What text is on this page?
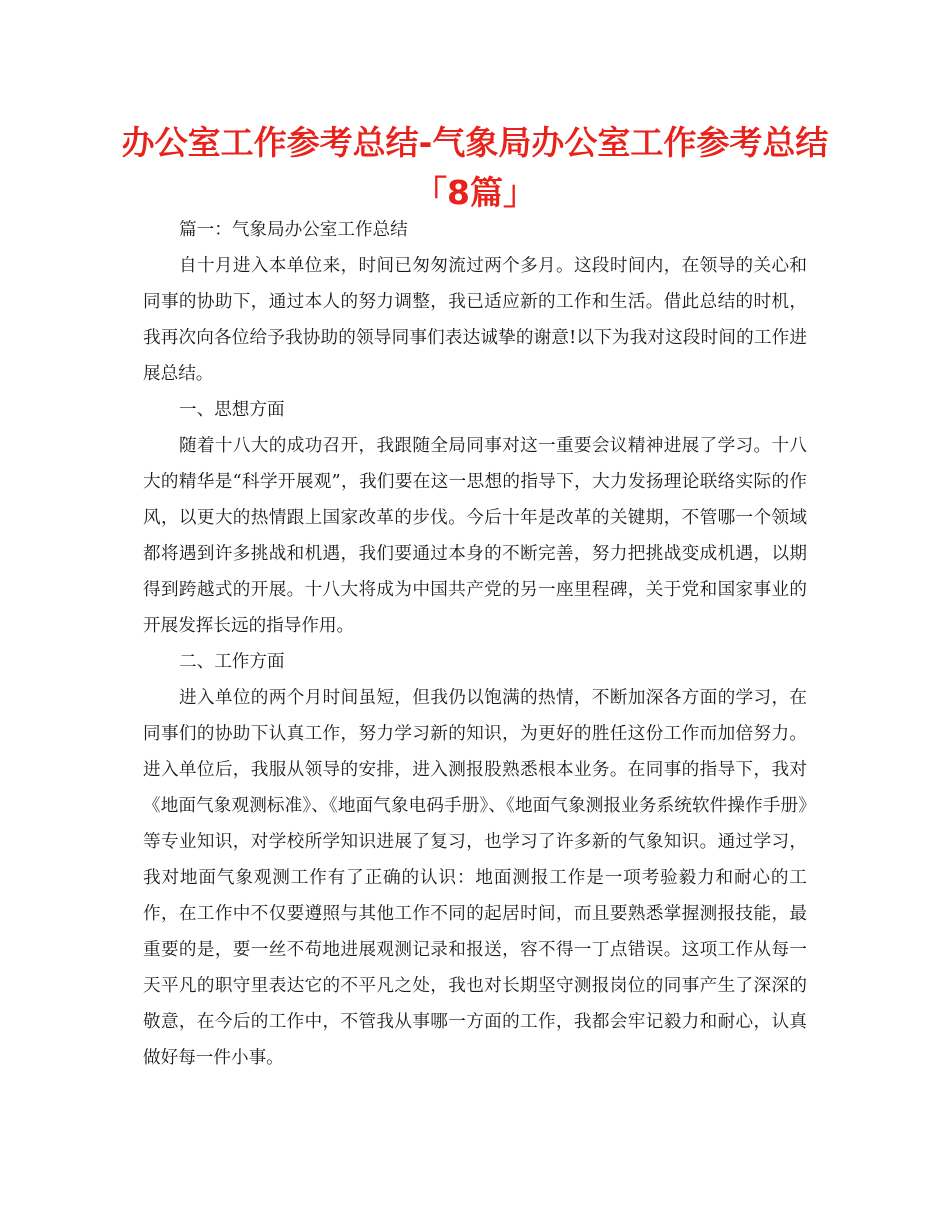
办公室工作参考总结-气象局办公室工作参考总结
「8篇」

篇一：气象局办公室工作总结

自十月进入本单位来，时间已匆匆流过两个多月。这段时间内，在领导的关心和同事的协助下，通过本人的努力调整，我已适应新的工作和生活。借此总结的时机，我再次向各位给予我协助的领导同事们表达诚挚的谢意!以下为我对这段时间的工作进展总结。

一、思想方面

随着十八大的成功召开，我跟随全局同事对这一重要会议精神进展了学习。十八大的精华是“科学开展观”，我们要在这一思想的指导下，大力发扬理论联络实际的作风，以更大的热情跟上国家改革的步伐。今后十年是改革的关键期，不管哪一个领域都将遇到许多挑战和机遇，我们要通过本身的不断完善，努力把挑战变成机遇，以期得到跨越式的开展。十八大将成为中国共产党的另一座里程碑，关于党和国家事业的开展发挥长远的指导作用。

二、工作方面

进入单位的两个月时间虽短，但我仍以饱满的热情，不断加深各方面的学习，在同事们的协助下认真工作，努力学习新的知识，为更好的胜任这份工作而加倍努力。进入单位后，我服从领导的安排，进入测报股熟悉根本业务。在同事的指导下，我对《地面气象观测标准》、《地面气象电码手册》、《地面气象测报业务系统软件操作手册》等专业知识，对学校所学知识进展了复习，也学习了许多新的气象知识。通过学习，我对地面气象观测工作有了正确的认识：地面测报工作是一项考验毅力和耐心的工作，在工作中不仅要遵照与其他工作不同的起居时间，而且要熟悉掌握测报技能，最重要的是，要一丝不苟地进展观测记录和报送，容不得一丁点错误。这项工作从每一天平凡的职守里表达它的不平凡之处，我也对长期坚守测报岗位的同事产生了深深的敬意，在今后的工作中，不管我从事哪一方面的工作，我都会牢记毅力和耐心，认真做好每一件小事。
